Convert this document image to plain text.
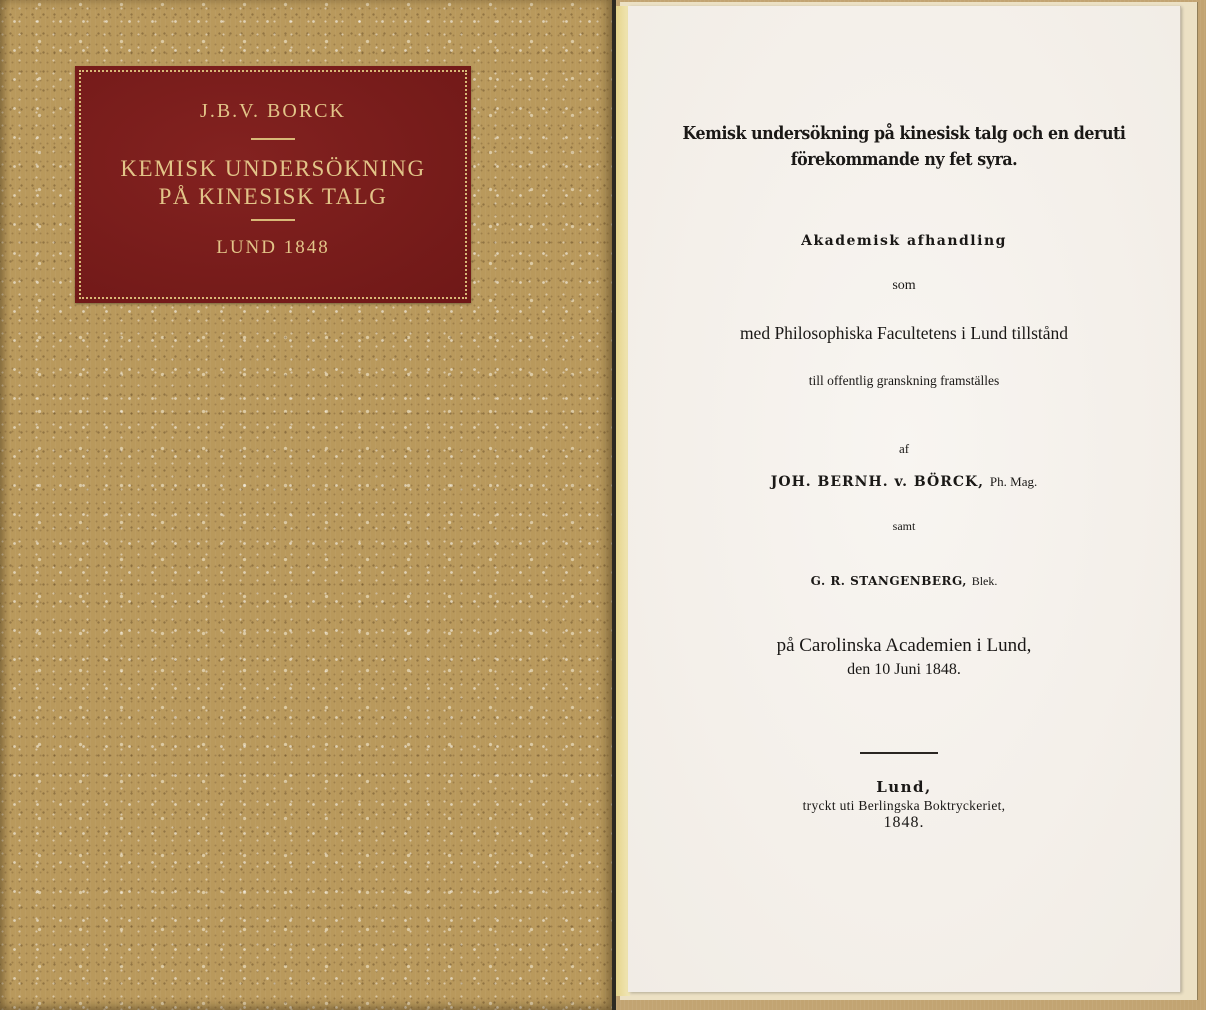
J.B.V. BORCK
KEMISK UNDERSÖKNING
PÅ KINESISK TALG
LUND 1848
Kemisk undersökning på kinesisk talg och en deruti
förekommande ny fet syra.
Akademisk afhandling
som
med Philosophiska Facultetens i Lund tillstånd
till offentlig granskning framställes
af
JOH. BERNH. v. BÖRCK, Ph. Mag.
samt
G. R. STANGENBERG, Blek.
på Carolinska Academien i Lund,
den 10 Juni 1848.
Lund,
tryckt uti Berlingska Boktryckeriet,
1848.
